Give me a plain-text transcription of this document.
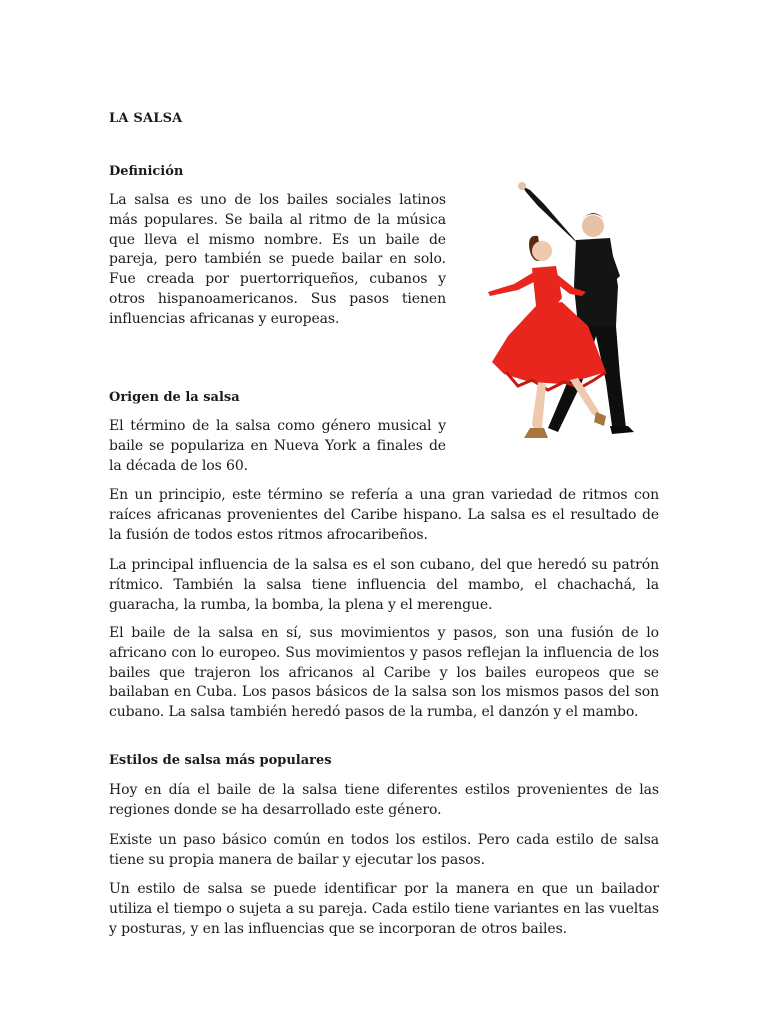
LA SALSA
Definición

La salsa es uno de los bailes sociales latinos más populares. Se baila al ritmo de la música que lleva el mismo nombre. Es un baile de pareja, pero también se puede bailar en solo. Fue creada por puertorriqueños, cubanos y otros hispanoamericanos. Sus pasos tienen influencias africanas y europeas.

Origen de la salsa

El término de la salsa como género musical y baile se populariza en Nueva York a finales de la década de los 60.

En un principio, este término se refería a una gran variedad de ritmos con raíces africanas provenientes del Caribe hispano. La salsa es el resultado de la fusión de todos estos ritmos afrocaribeños.

La principal influencia de la salsa es el son cubano, del que heredó su patrón rítmico. También la salsa tiene influencia del mambo, el chachachá, la guaracha, la rumba, la bomba, la plena y el merengue.

El baile de la salsa en sí, sus movimientos y pasos, son una fusión de lo africano con lo europeo. Sus movimientos y pasos reflejan la influencia de los bailes que trajeron los africanos al Caribe y los bailes europeos que se bailaban en Cuba. Los pasos básicos de la salsa son los mismos pasos del son cubano. La salsa también heredó pasos de la rumba, el danzón y el mambo.

Estilos de salsa más populares

Hoy en día el baile de la salsa tiene diferentes estilos provenientes de las regiones donde se ha desarrollado este género.

Existe un paso básico común en todos los estilos. Pero cada estilo de salsa tiene su propia manera de bailar y ejecutar los pasos.

Un estilo de salsa se puede identificar por la manera en que un bailador utiliza el tiempo o sujeta a su pareja. Cada estilo tiene variantes en las vueltas y posturas, y en las influencias que se incorporan de otros bailes.
